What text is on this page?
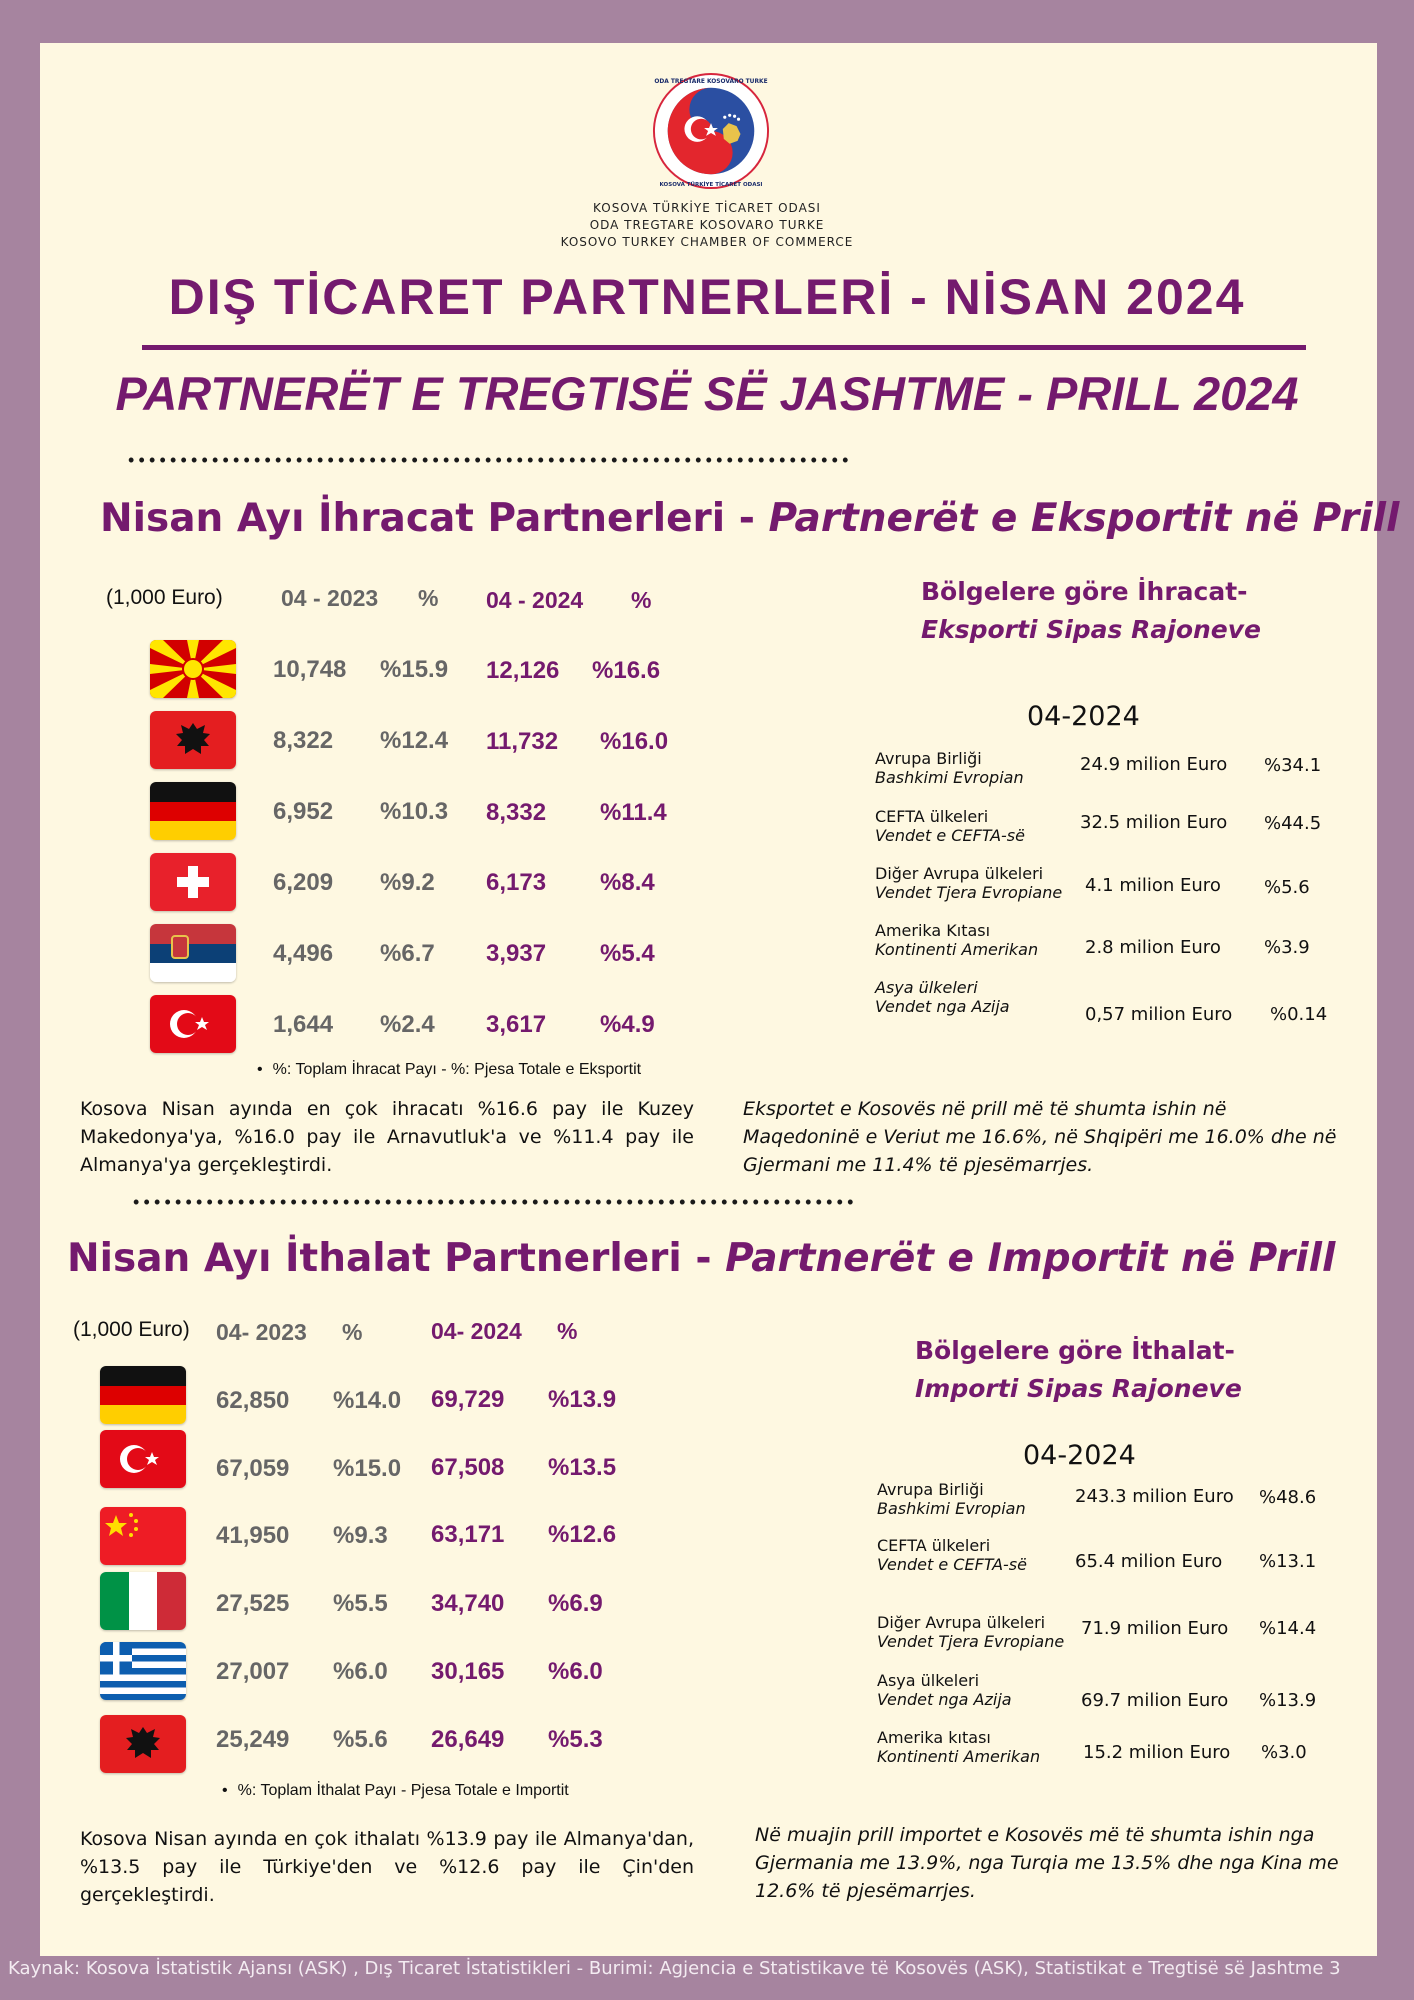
ODA TREGTARE KOSOVARO TURKE
KOSOVA TÜRKİYE TİCARET ODASI
KOSOVA TÜRKİYE TİCARET ODASI
ODA TREGTARE KOSOVARO TURKE
KOSOVO TURKEY CHAMBER OF COMMERCE
DIŞ TİCARET PARTNERLERİ - NİSAN 2024
PARTNERËT E TREGTISË SË JASHTME - PRILL 2024
•••••••••••••••••••••••••••••••••••••••••••••••••••••••••••••••••••••
Nisan Ayı İhracat Partnerleri - Partnerët e Eksportit në Prill
(1,000 Euro)	04 - 2023 % 04 - 2024 %
10,748 %15.9 12,126 %16.6
8,322 %12.4 11,732 %16.0
6,952 %10.3 8,332 %11.4
6,209 %9.2 6,173 %8.4
4,496 %6.7 3,937 %5.4
1,644 %2.4 3,617 %4.9
• %: Toplam İhracat Payı - %: Pjesa Totale e Eksportit
Kosova Nisan ayında en çok ihracatı %16.6 pay ile Kuzey Makedonya'ya, %16.0 pay ile Arnavutluk'a ve %11.4 pay ile Almanya'ya gerçekleştirdi.
Eksportet e Kosovës në prill më të shumta ishin në Maqedoninë e Veriut me 16.6%, në Shqipëri me 16.0% dhe në Gjermani me 11.4% të pjesëmarrjes.
Bölgelere göre İhracat-
Eksporti Sipas Rajoneve
04-2024
Avrupa Birliği
Bashkimi Evropian
24.9 milion Euro %34.1
CEFTA ülkeleri
Vendet e CEFTA-së
32.5 milion Euro %44.5
Diğer Avrupa ülkeleri
Vendet Tjera Evropiane 4.1 milion Euro %5.6
Amerika Kıtası
Kontinenti Amerikan	2.8 milion Euro %3.9
Asya ülkeleri
Vendet nga Azija	0,57 milion Euro %0.14
•••••••••••••••••••••••••••••••••••••••••••••••••••••••••••••••••••••
Nisan Ayı İthalat Partnerleri - Partnerët e Importit në Prill
(1,000 Euro) 04- 2023 %	04- 2024 %
62,850 %14.0 69,729 %13.9
67,059 %15.0 67,508 %13.5
41,950 %9.3 63,171 %12.6
27,525 %5.5 34,740 %6.9
27,007 %6.0 30,165 %6.0
25,249 %5.6 26,649 %5.3
• %: Toplam İthalat Payı - Pjesa Totale e Importit
Kosova Nisan ayında en çok ithalatı %13.9 pay ile Almanya'dan, %13.5 pay ile Türkiye'den ve %12.6 pay ile Çin'den gerçekleştirdi.
Në muajin prill importet e Kosovës më të shumta ishin nga Gjermania me 13.9%, nga Turqia me 13.5% dhe nga Kina me 12.6% të pjesëmarrjes.
Bölgelere göre İthalat-
Importi Sipas Rajoneve
04-2024
Avrupa Birliği
Bashkimi Evropian
243.3 milion Euro %48.6
CEFTA ülkeleri
Vendet e CEFTA-së	65.4 milion Euro %13.1
Diğer Avrupa ülkeleri
Vendet Tjera Evropiane
71.9 milion Euro %14.4
Asya ülkeleri
Vendet nga Azija	69.7 milion Euro %13.9
Amerika kıtası
Kontinenti Amerikan 15.2 milion Euro %3.0
Kaynak: Kosova İstatistik Ajansı (ASK) , Dış Ticaret İstatistikleri - Burimi: Agjencia e Statistikave të Kosovës (ASK), Statistikat e Tregtisë së Jashtme 3
